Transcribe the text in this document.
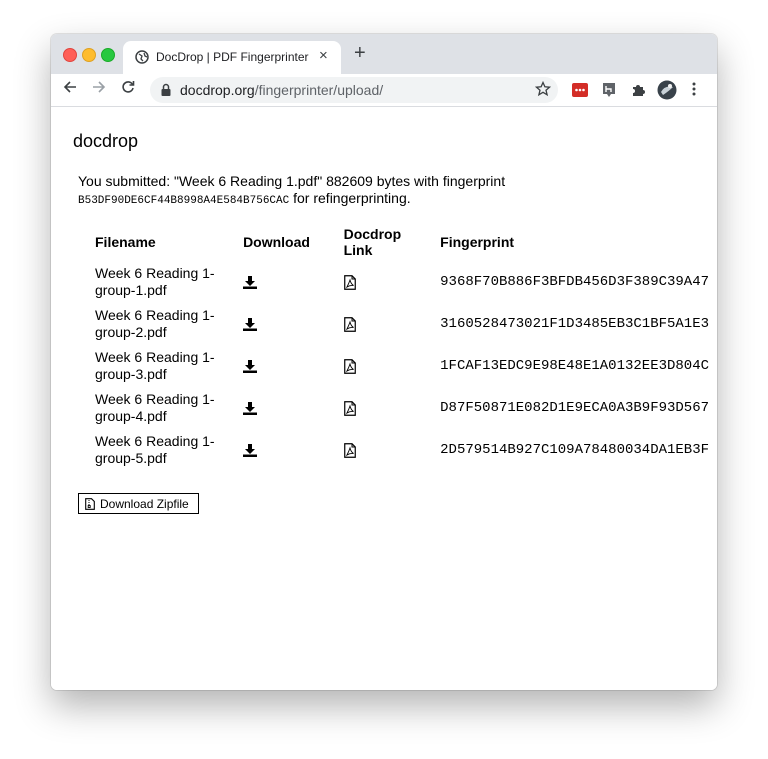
DocDrop | PDF Fingerprinter × +
docdrop.org/fingerprinter/upload/
docdrop
You submitted: "Week 6 Reading 1.pdf" 882609 bytes with fingerprint
B53DF90DE6CF44B8998A4E584B756CAC for refingerprinting.
Filename	Download	Docdrop Link	Fingerprint
Week 6 Reading 1-group-1.pdf			9368F70B886F3BFDB456D3F389C39A47
Week 6 Reading 1-group-2.pdf			3160528473021F1D3485EB3C1BF5A1E3
Week 6 Reading 1-group-3.pdf			1FCAF13EDC9E98E48E1A0132EE3D804C
Week 6 Reading 1-group-4.pdf			D87F50871E082D1E9ECA0A3B9F93D567
Week 6 Reading 1-group-5.pdf			2D579514B927C109A78480034DA1EB3F
Download Zipfile
